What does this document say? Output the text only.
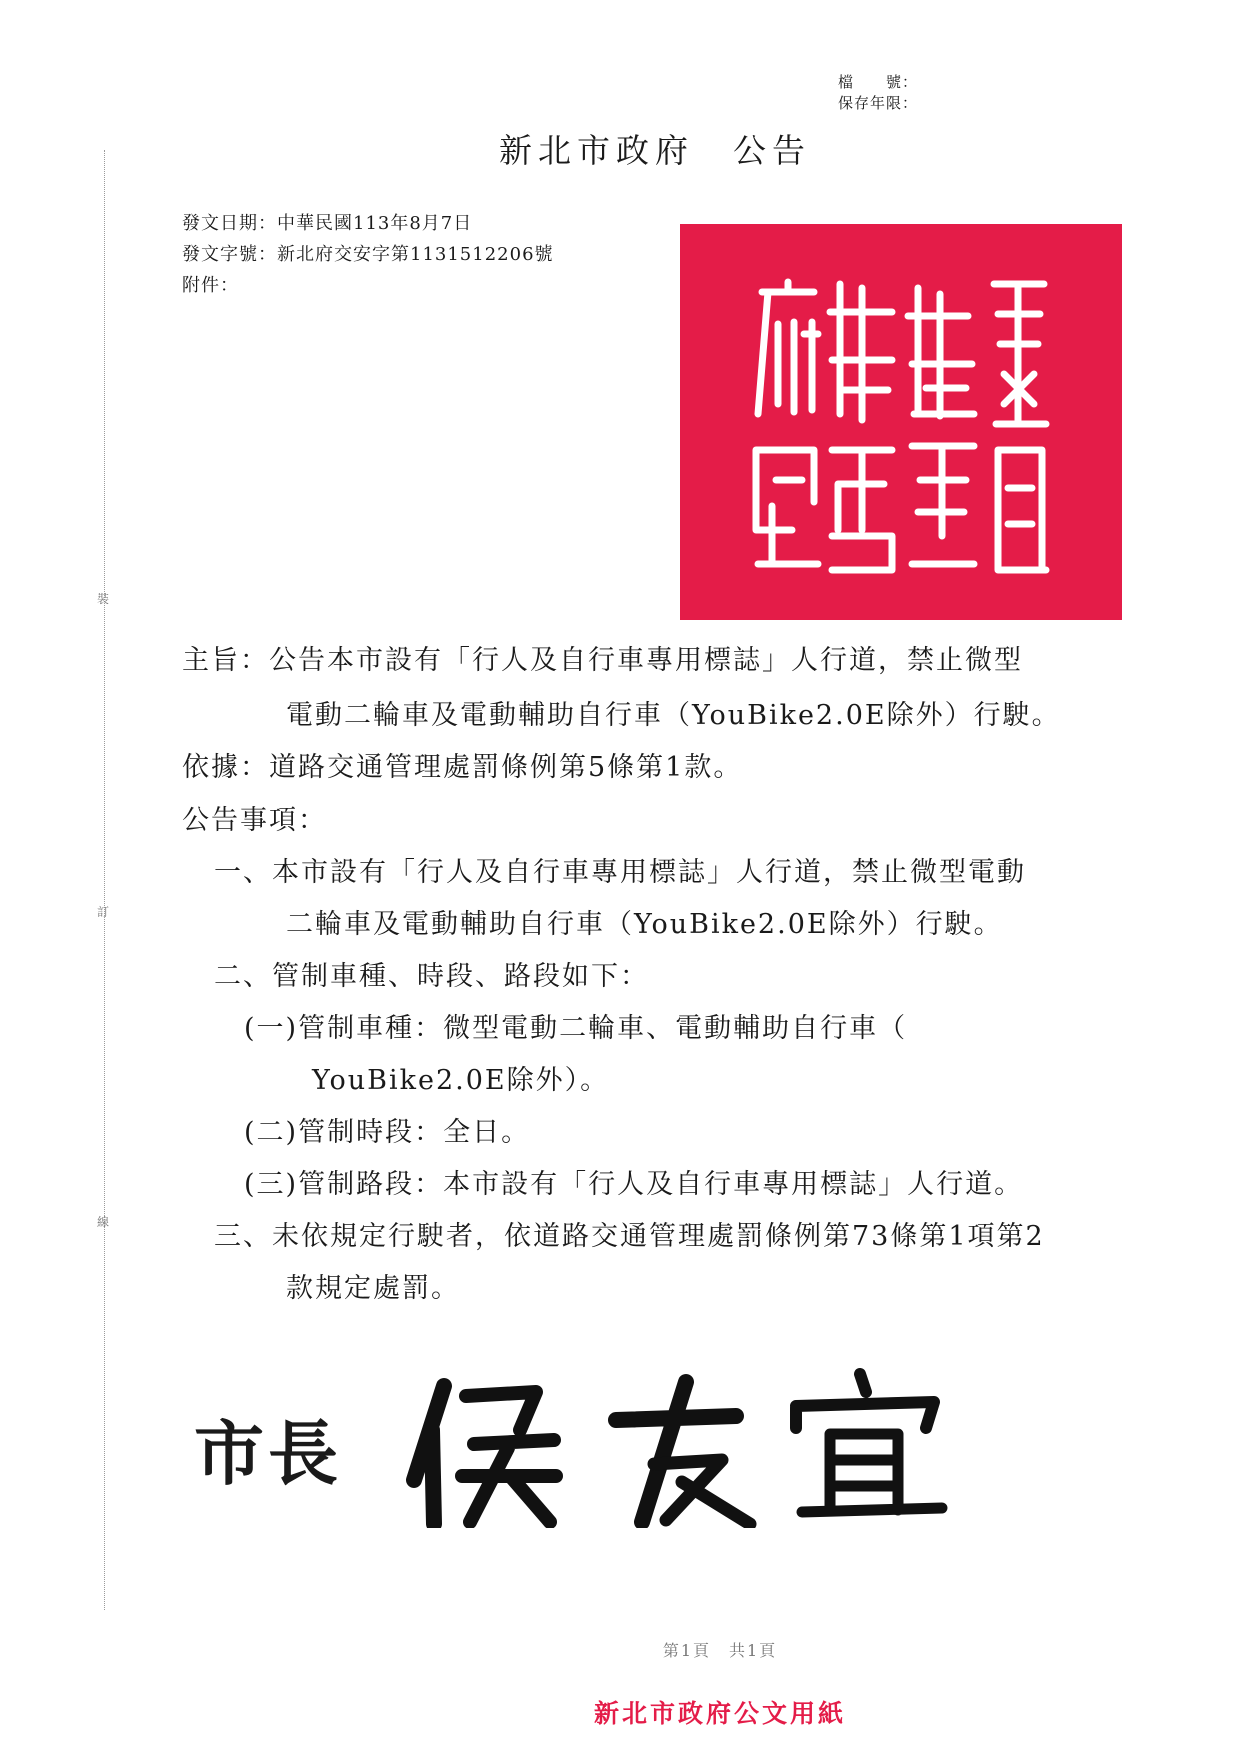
裝
訂
線
檔　　號：
保存年限：
新北市政府　公告
發文日期：中華民國113年8月7日
發文字號：新北府交安字第1131512206號
附件：
主旨：公告本市設有「行人及自行車專用標誌」人行道，禁止微型
電動二輪車及電動輔助自行車（YouBike2.0E除外）行駛。
依據：道路交通管理處罰條例第5條第1款。
公告事項：
一、本市設有「行人及自行車專用標誌」人行道，禁止微型電動
二輪車及電動輔助自行車（YouBike2.0E除外）行駛。
二、管制車種、時段、路段如下：
(一)管制車種：微型電動二輪車、電動輔助自行車（
YouBike2.0E除外）。
(二)管制時段：全日。
(三)管制路段：本市設有「行人及自行車專用標誌」人行道。
三、未依規定行駛者，依道路交通管理處罰條例第73條第1項第2
款規定處罰。
市長
第1頁　共1頁
新北市政府公文用紙
